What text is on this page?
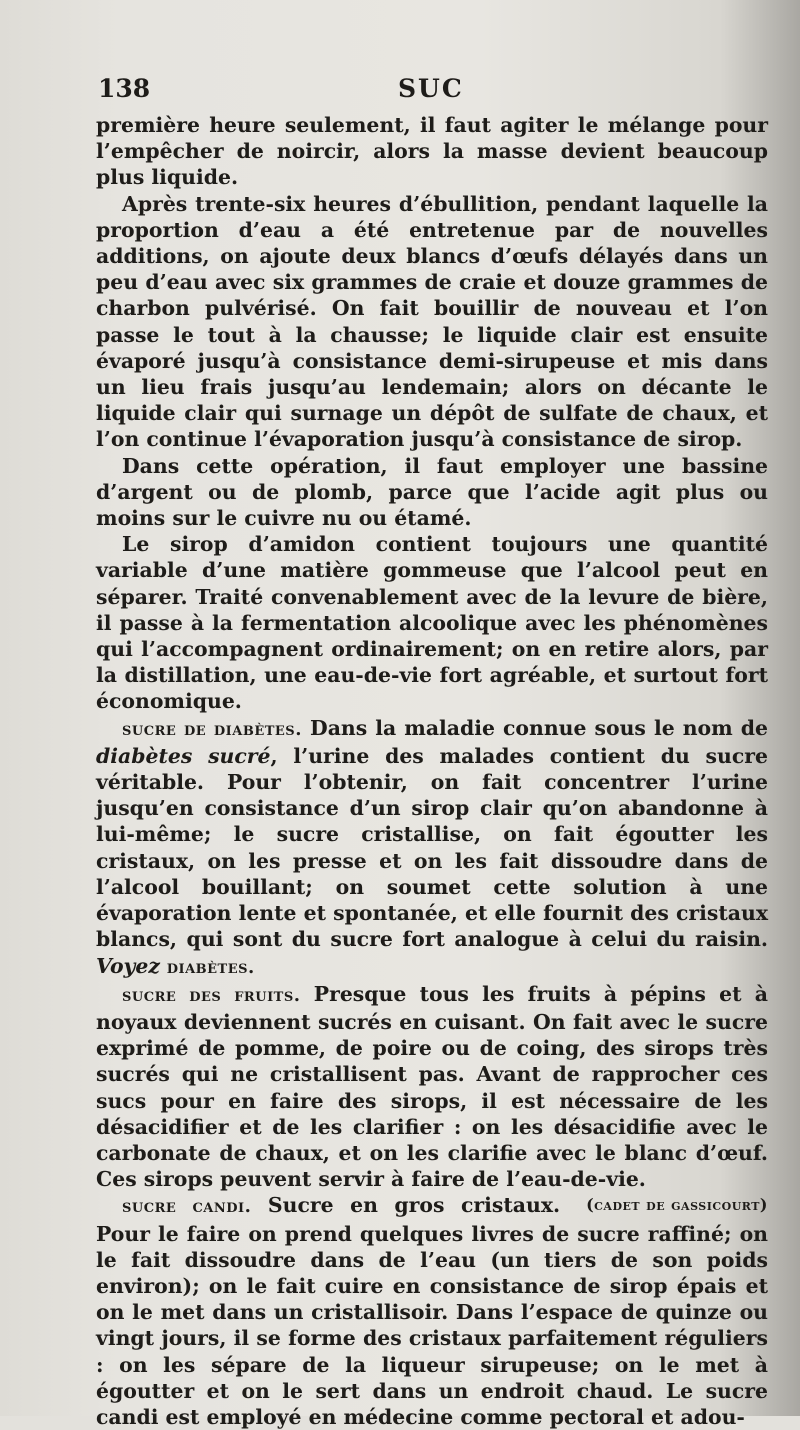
138	SUC

première heure seulement, il faut agiter le mélange pour l’empêcher de noircir, alors la masse devient beaucoup plus liquide.

Après trente-six heures d’ébullition, pendant laquelle la proportion d’eau a été entretenue par de nouvelles additions, on ajoute deux blancs d’œufs délayés dans un peu d’eau avec six grammes de craie et douze grammes de charbon pulvérisé. On fait bouillir de nouveau et l’on passe le tout à la chausse; le liquide clair est ensuite évaporé jusqu’à consistance demi-sirupeuse et mis dans un lieu frais jusqu’au lendemain; alors on décante le liquide clair qui surnage un dépôt de sulfate de chaux, et l’on continue l’évaporation jusqu’à consistance de sirop.

Dans cette opération, il faut employer une bassine d’argent ou de plomb, parce que l’acide agit plus ou moins sur le cuivre nu ou étamé.

Le sirop d’amidon contient toujours une quantité variable d’une matière gommeuse que l’alcool peut en séparer. Traité convenablement avec de la levure de bière, il passe à la fermentation alcoolique avec les phénomènes qui l’accompagnent ordinairement; on en retire alors, par la distillation, une eau-de-vie fort agréable, et surtout fort économique.

sucre de diabètes. Dans la maladie connue sous le nom de diabètes sucré, l’urine des malades contient du sucre véritable. Pour l’obtenir, on fait concentrer l’urine jusqu’en consistance d’un sirop clair qu’on abandonne à lui-même; le sucre cristallise, on fait égoutter les cristaux, on les presse et on les fait dissoudre dans de l’alcool bouillant; on soumet cette solution à une évaporation lente et spontanée, et elle fournit des cristaux blancs, qui sont du sucre fort analogue à celui du raisin. Voyez diabètes.

sucre des fruits. Presque tous les fruits à pépins et à noyaux deviennent sucrés en cuisant. On fait avec le sucre exprimé de pomme, de poire ou de coing, des sirops très sucrés qui ne cristallisent pas. Avant de rapprocher ces sucs pour en faire des sirops, il est nécessaire de les désacidifier et de les clarifier : on les désacidifie avec le carbonate de chaux, et on les clarifie avec le blanc d’œuf. Ces sirops peuvent servir à faire de l’eau-de-vie.
(cadet de gassicourt)

sucre candi. Sucre en gros cristaux. Pour le faire on prend quelques livres de sucre raffiné; on le fait dissoudre dans de l’eau (un tiers de son poids environ); on le fait cuire en consistance de sirop épais et on le met dans un cristallisoir. Dans l’espace de quinze ou vingt jours, il se forme des cristaux parfaitement réguliers : on les sépare de la liqueur sirupeuse; on le met à égoutter et on le sert dans un endroit chaud. Le sucre candi est employé en médecine comme pectoral et adou-
